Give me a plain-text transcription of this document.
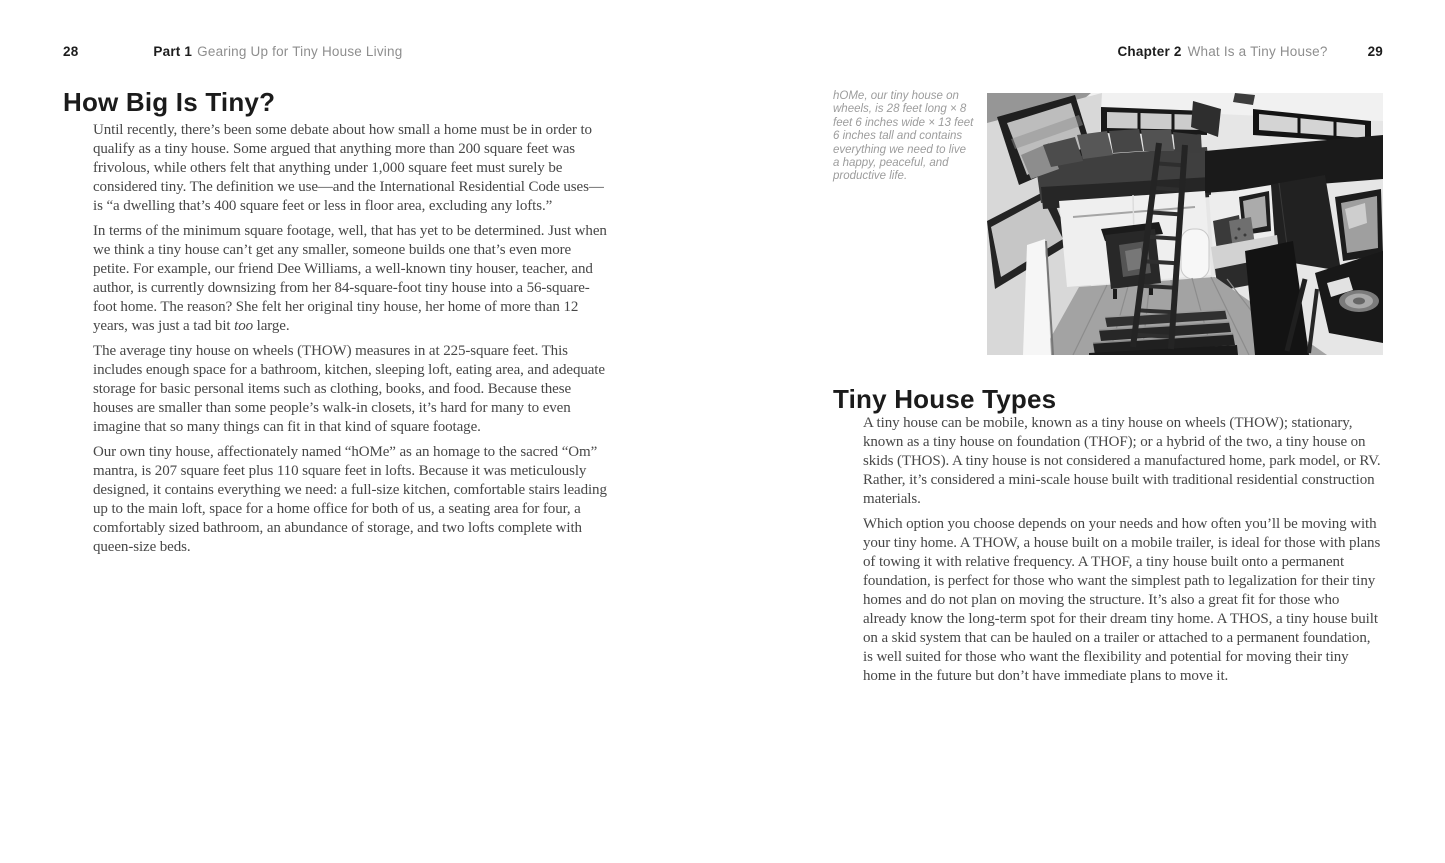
28	Part 1 Gearing Up for Tiny House Living
How Big Is Tiny?

Until recently, there’s been some debate about how small a home must be in order to qualify as a tiny house. Some argued that anything more than 200 square feet was frivolous, while others felt that anything under 1,000 square feet must surely be considered tiny. The definition we use—and the International Residential Code uses—is “a dwelling that’s 400 square feet or less in floor area, excluding any lofts.”

In terms of the minimum square footage, well, that has yet to be determined. Just when we think a tiny house can’t get any smaller, someone builds one that’s even more petite. For example, our friend Dee Williams, a well-known tiny houser, teacher, and author, is currently downsizing from her 84-square-foot tiny house into a 56-square-foot home. The reason? She felt her original tiny house, her home of more than 12 years, was just a tad bit too large.

The average tiny house on wheels (THOW) measures in at 225-square feet. This includes enough space for a bathroom, kitchen, sleeping loft, eating area, and adequate storage for basic personal items such as clothing, books, and food. Because these houses are smaller than some people’s walk-in closets, it’s hard for many to even imagine that so many things can fit in that kind of square footage.

Our own tiny house, affectionately named “hOMe” as an homage to the sacred “Om” mantra, is 207 square feet plus 110 square feet in lofts. Because it was meticulously designed, it contains everything we need: a full-size kitchen, comfortable stairs leading up to the main loft, space for a home office for both of us, a seating area for four, a comfortably sized bathroom, an abundance of storage, and two lofts complete with queen-size beds.

Chapter 2 What Is a Tiny House?	29
hOMe, our tiny house on wheels, is 28 feet long × 8 feet 6 inches wide × 13 feet 6 inches tall and contains everything we need to live a happy, peaceful, and productive life.
Tiny House Types

A tiny house can be mobile, known as a tiny house on wheels (THOW); stationary, known as a tiny house on foundation (THOF); or a hybrid of the two, a tiny house on skids (THOS). A tiny house is not considered a manufactured home, park model, or RV. Rather, it’s considered a mini-scale house built with traditional residential construction materials.

Which option you choose depends on your needs and how often you’ll be moving with your tiny home. A THOW, a house built on a mobile trailer, is ideal for those with plans of towing it with relative frequency. A THOF, a tiny house built onto a permanent foundation, is perfect for those who want the simplest path to legalization for their tiny homes and do not plan on moving the structure. It’s also a great fit for those who already know the long-term spot for their dream tiny home. A THOS, a tiny house built on a skid system that can be hauled on a trailer or attached to a permanent foundation, is well suited for those who want the flexibility and potential for moving their tiny home in the future but don’t have immediate plans to move it.
